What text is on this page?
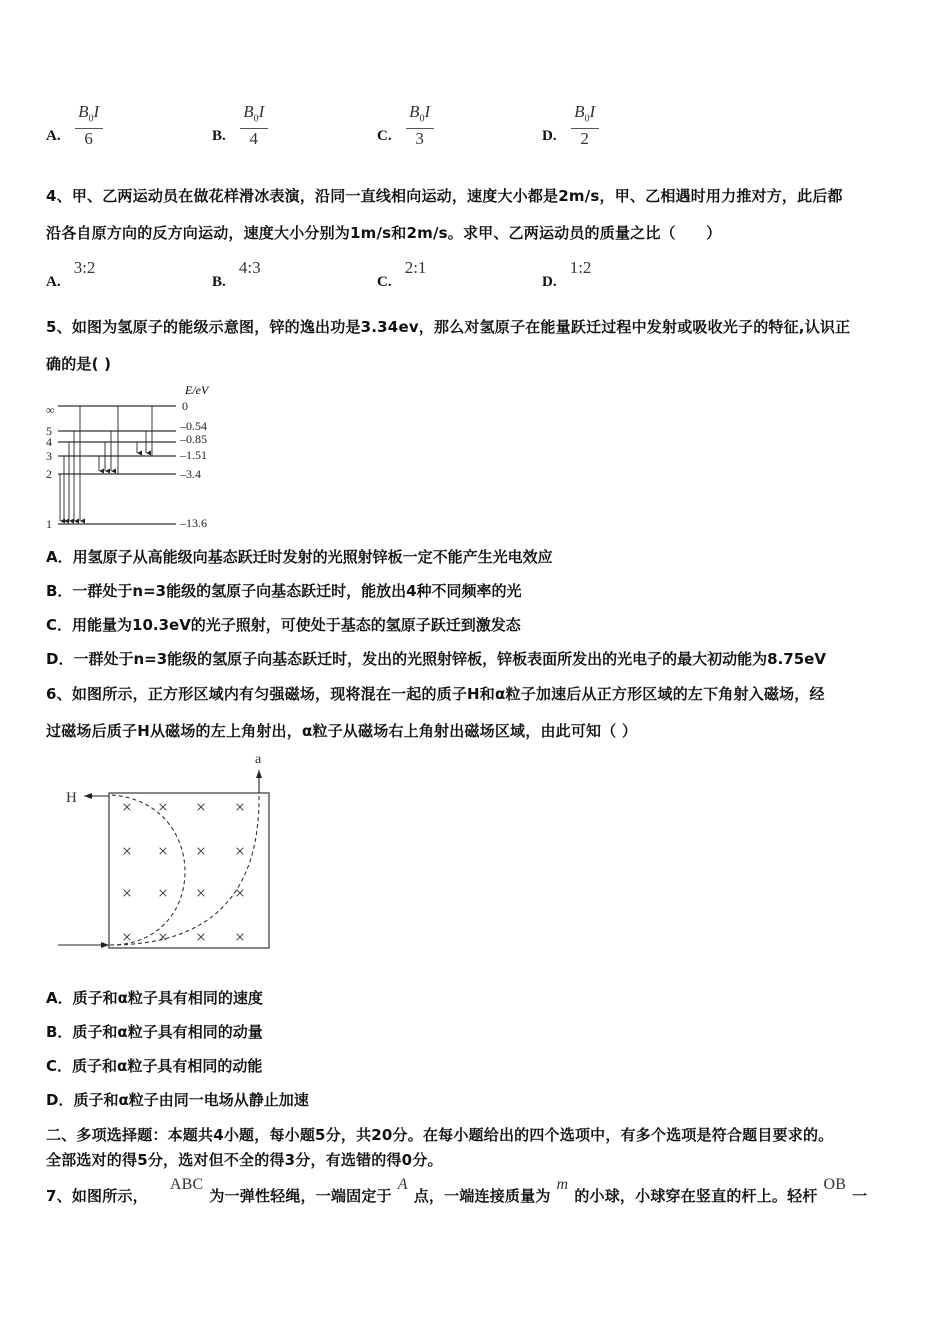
A. $\frac{B_0I}{6}$	B. $\frac{B_0I}{4}$	C. $\frac{B_0I}{3}$	D. $\frac{B_0I}{2}$
4、甲、乙两运动员在做花样滑冰表演，沿同一直线相向运动，速度大小都是2m/s，甲、乙相遇时用力推对方，此后都
沿各自原方向的反方向运动，速度大小分别为1m/s和2m/s。求甲、乙两运动员的质量之比（　　）
A. 3:2
B. 4:3
C. 2:1
D. 1:2
5、如图为氢原子的能级示意图，锌的逸出功是3.34ev，那么对氢原子在能量跃迁过程中发射或吸收光子的特征,认识正
确的是( )
E/eV
∞
5
4
3
2
1
0
–0.54
–0.85
–1.51
–3.4
–13.6
A．用氢原子从高能级向基态跃迁时发射的光照射锌板一定不能产生光电效应
B．一群处于n=3能级的氢原子向基态跃迁时，能放出4种不同频率的光
C．用能量为10.3eV的光子照射，可使处于基态的氢原子跃迁到激发态
D．一群处于n=3能级的氢原子向基态跃迁时，发出的光照射锌板，锌板表面所发出的光电子的最大初动能为8.75eV
6、如图所示，正方形区域内有匀强磁场，现将混在一起的质子H和α粒子加速后从正方形区域的左下角射入磁场，经
过磁场后质子H从磁场的左上角射出，α粒子从磁场右上角射出磁场区域，由此可知（ ）
H
a
× × × ×
× × × ×
× × × ×
× × × ×
A．质子和α粒子具有相同的速度
B．质子和α粒子具有相同的动量
C．质子和α粒子具有相同的动能
D．质子和α粒子由同一电场从静止加速
二、多项选择题：本题共4小题，每小题5分，共20分。在每小题给出的四个选项中，有多个选项是符合题目要求的。
全部选对的得5分，选对但不全的得3分，有选错的得0分。
7、如图所示，ABC为一弹性轻绳，一端固定于A点，一端连接质量为m的小球，小球穿在竖直的杆上。轻杆OB一
